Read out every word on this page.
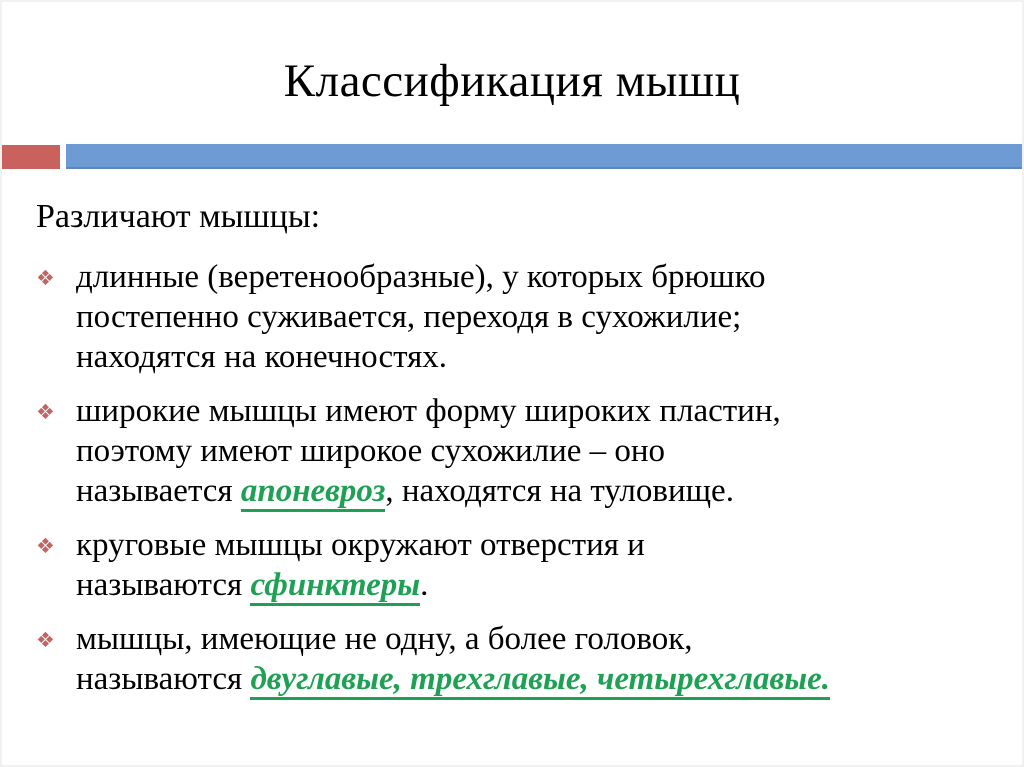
Классификация мышц

Различают мышцы:

❖ длинные (веретенообразные), у которых брюшко
постепенно суживается, переходя в сухожилие;
находятся на конечностях.
❖ широкие мышцы имеют форму широких пластин,
поэтому имеют широкое сухожилие – оно
называется апоневроз, находятся на туловище.
❖ круговые мышцы окружают отверстия и
называются сфинктеры.
❖ мышцы, имеющие не одну, а более головок,
называются двуглавые, трехглавые, четырехглавые.
